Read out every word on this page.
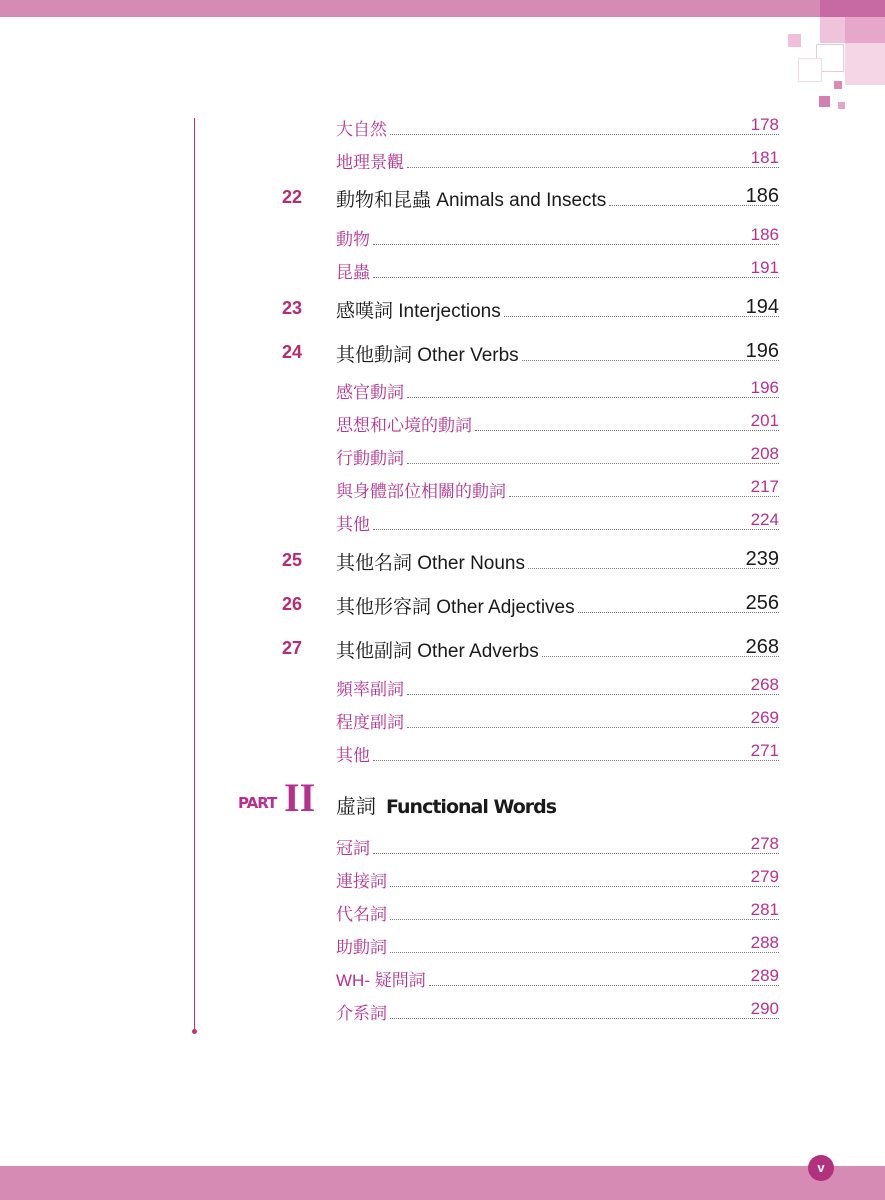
大自然	178
地理景觀	181
22	動物和昆蟲 Animals and Insects	186
動物	186
昆蟲	191
23	感嘆詞 Interjections	194
24	其他動詞 Other Verbs	196
感官動詞	196
思想和心境的動詞	201
行動動詞	208
與身體部位相關的動詞	217
其他	224
25	其他名詞 Other Nouns	239
26	其他形容詞 Other Adjectives	256
27	其他副詞 Other Adverbs	268
頻率副詞	268
程度副詞	269
其他	271
PART II 虛詞 Functional Words
冠詞	278
連接詞	279
代名詞	281
助動詞	288
WH- 疑問詞	289
介系詞	290
v
